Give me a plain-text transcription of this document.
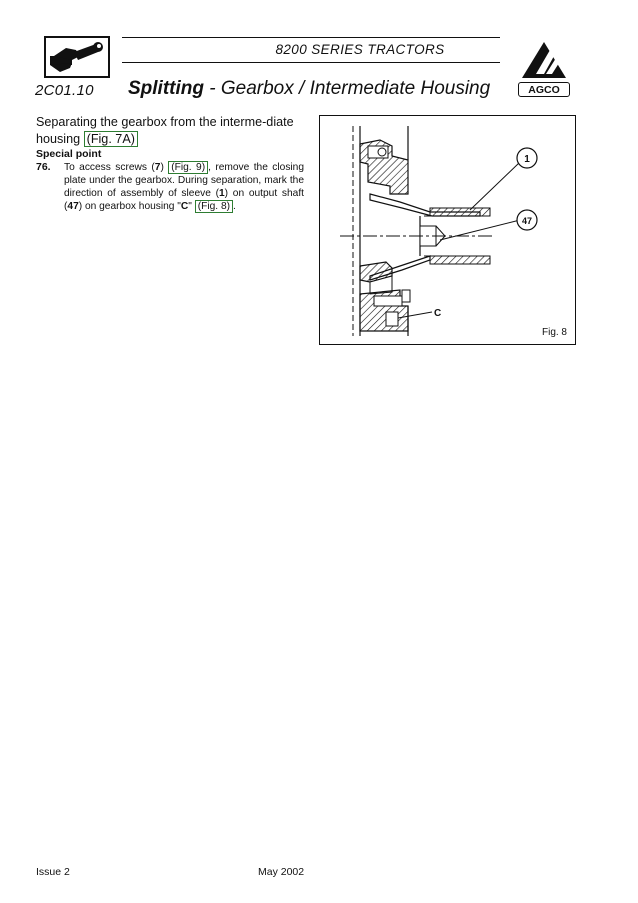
8200 SERIES TRACTORS
2C01.10 Splitting - Gearbox / Intermediate Housing	AGCO
Separating the gearbox from the interme-diate housing (Fig. 7A)
Special point
76. To access screws (7) (Fig. 9) , remove the closing plate under the gearbox. During separation, mark the direction of assembly of sleeve (1) on output shaft (47) on gearbox housing "C" (Fig. 8) .
1
47
C
Fig. 8
Issue 2	May 2002
